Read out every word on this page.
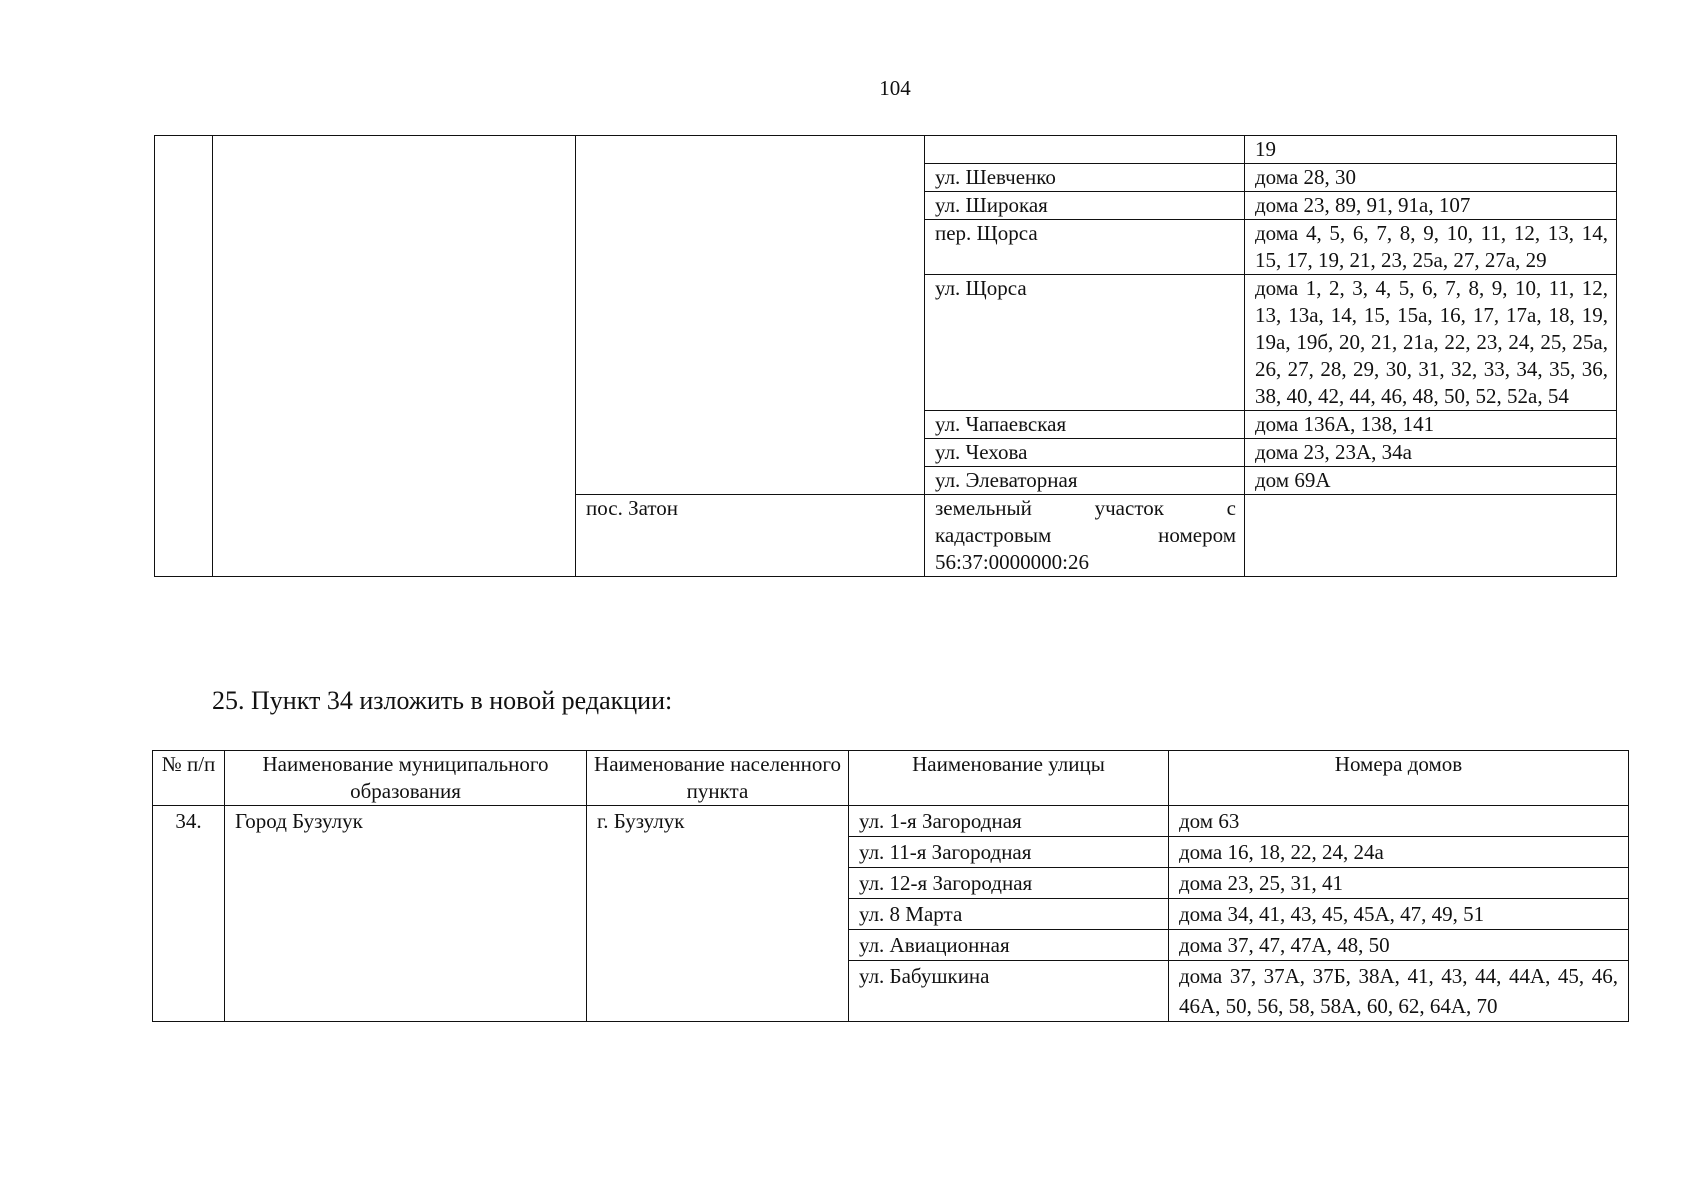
104
				19
			ул. Шевченко	дома 28, 30
			ул. Широкая	дома 23, 89, 91, 91а, 107
			пер. Щорса	дома 4, 5, 6, 7, 8, 9, 10, 11, 12, 13, 14, 15, 17, 19, 21, 23, 25а, 27, 27а, 29
			ул. Щорса	дома 1, 2, 3, 4, 5, 6, 7, 8, 9, 10, 11, 12, 13, 13а, 14, 15, 15а, 16, 17, 17а, 18, 19, 19а, 19б, 20, 21, 21а, 22, 23, 24, 25, 25а, 26, 27, 28, 29, 30, 31, 32, 33, 34, 35, 36, 38, 40, 42, 44, 46, 48, 50, 52, 52а, 54
			ул. Чапаевская	дома 136А, 138, 141
			ул. Чехова	дома 23, 23А, 34а
			ул. Элеваторная	дом 69А
		пос. Затон	земельный участок с кадастровым номером 56:37:0000000:26	
25. Пункт 34 изложить в новой редакции:
№ п/п	Наименование муниципального образования	Наименование населенного пункта	Наименование улицы	Номера домов
34.	Город Бузулук	г. Бузулук	ул. 1-я Загородная	дом 63
			ул. 11-я Загородная	дома 16, 18, 22, 24, 24а
			ул. 12-я Загородная	дома 23, 25, 31, 41
			ул. 8 Марта	дома 34, 41, 43, 45, 45А, 47, 49, 51
			ул. Авиационная	дома 37, 47, 47А, 48, 50
			ул. Бабушкина	дома 37, 37А, 37Б, 38А, 41, 43, 44, 44А, 45, 46, 46А, 50, 56, 58, 58А, 60, 62, 64А, 70
